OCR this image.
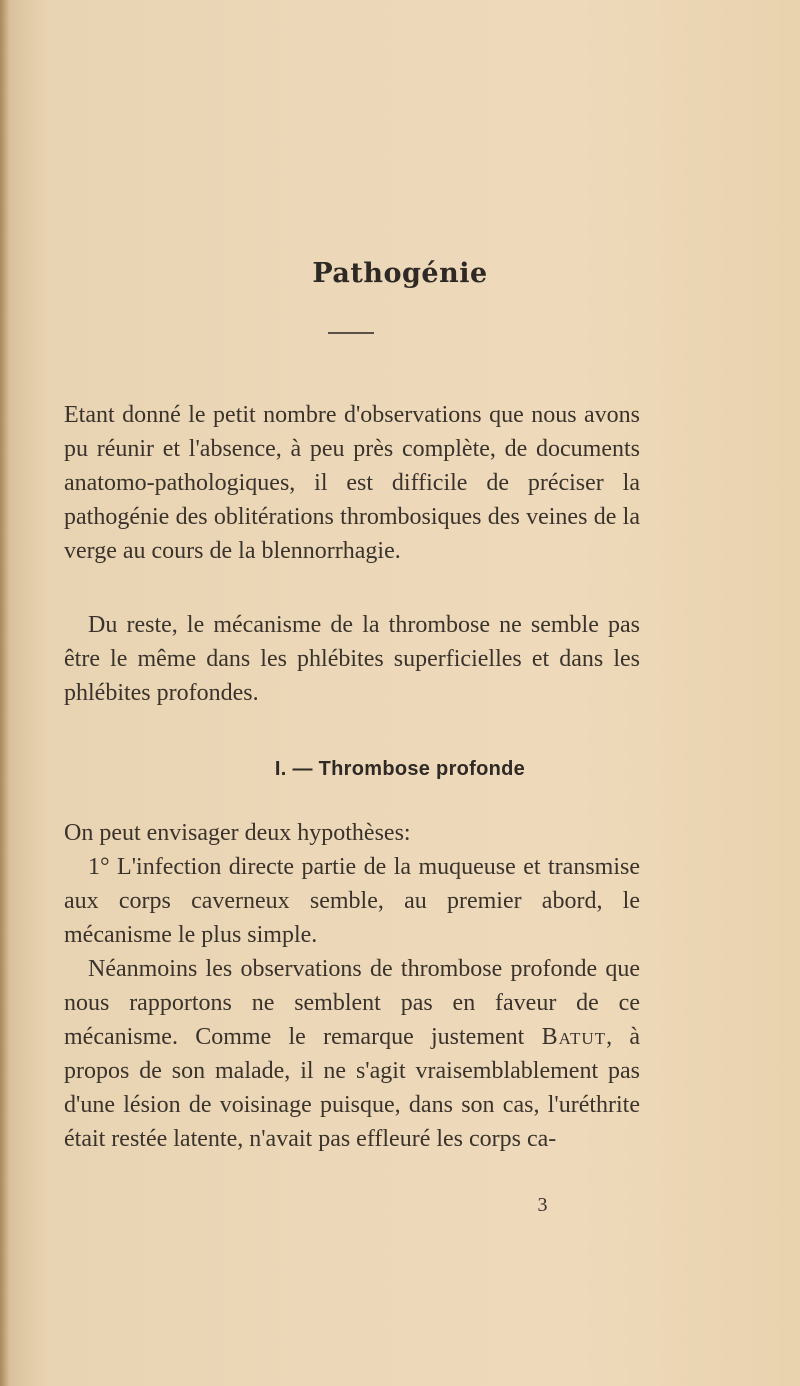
Pathogénie

Etant donné le petit nombre d'observations que nous avons pu réunir et l'absence, à peu près complète, de documents anatomo-pathologiques, il est difficile de préciser la pathogénie des oblitérations thrombosiques des veines de la verge au cours de la blennorrhagie.

Du reste, le mécanisme de la thrombose ne semble pas être le même dans les phlébites superficielles et dans les phlébites profondes.

I. — Thrombose profonde

On peut envisager deux hypothèses:

1° L'infection directe partie de la muqueuse et transmise aux corps caverneux semble, au premier abord, le mécanisme le plus simple.

Néanmoins les observations de thrombose profonde que nous rapportons ne semblent pas en faveur de ce mécanisme. Comme le remarque justement Batut, à propos de son malade, il ne s'agit vraisemblablement pas d'une lésion de voisinage puisque, dans son cas, l'uréthrite était restée latente, n'avait pas effleuré les corps ca-

3
